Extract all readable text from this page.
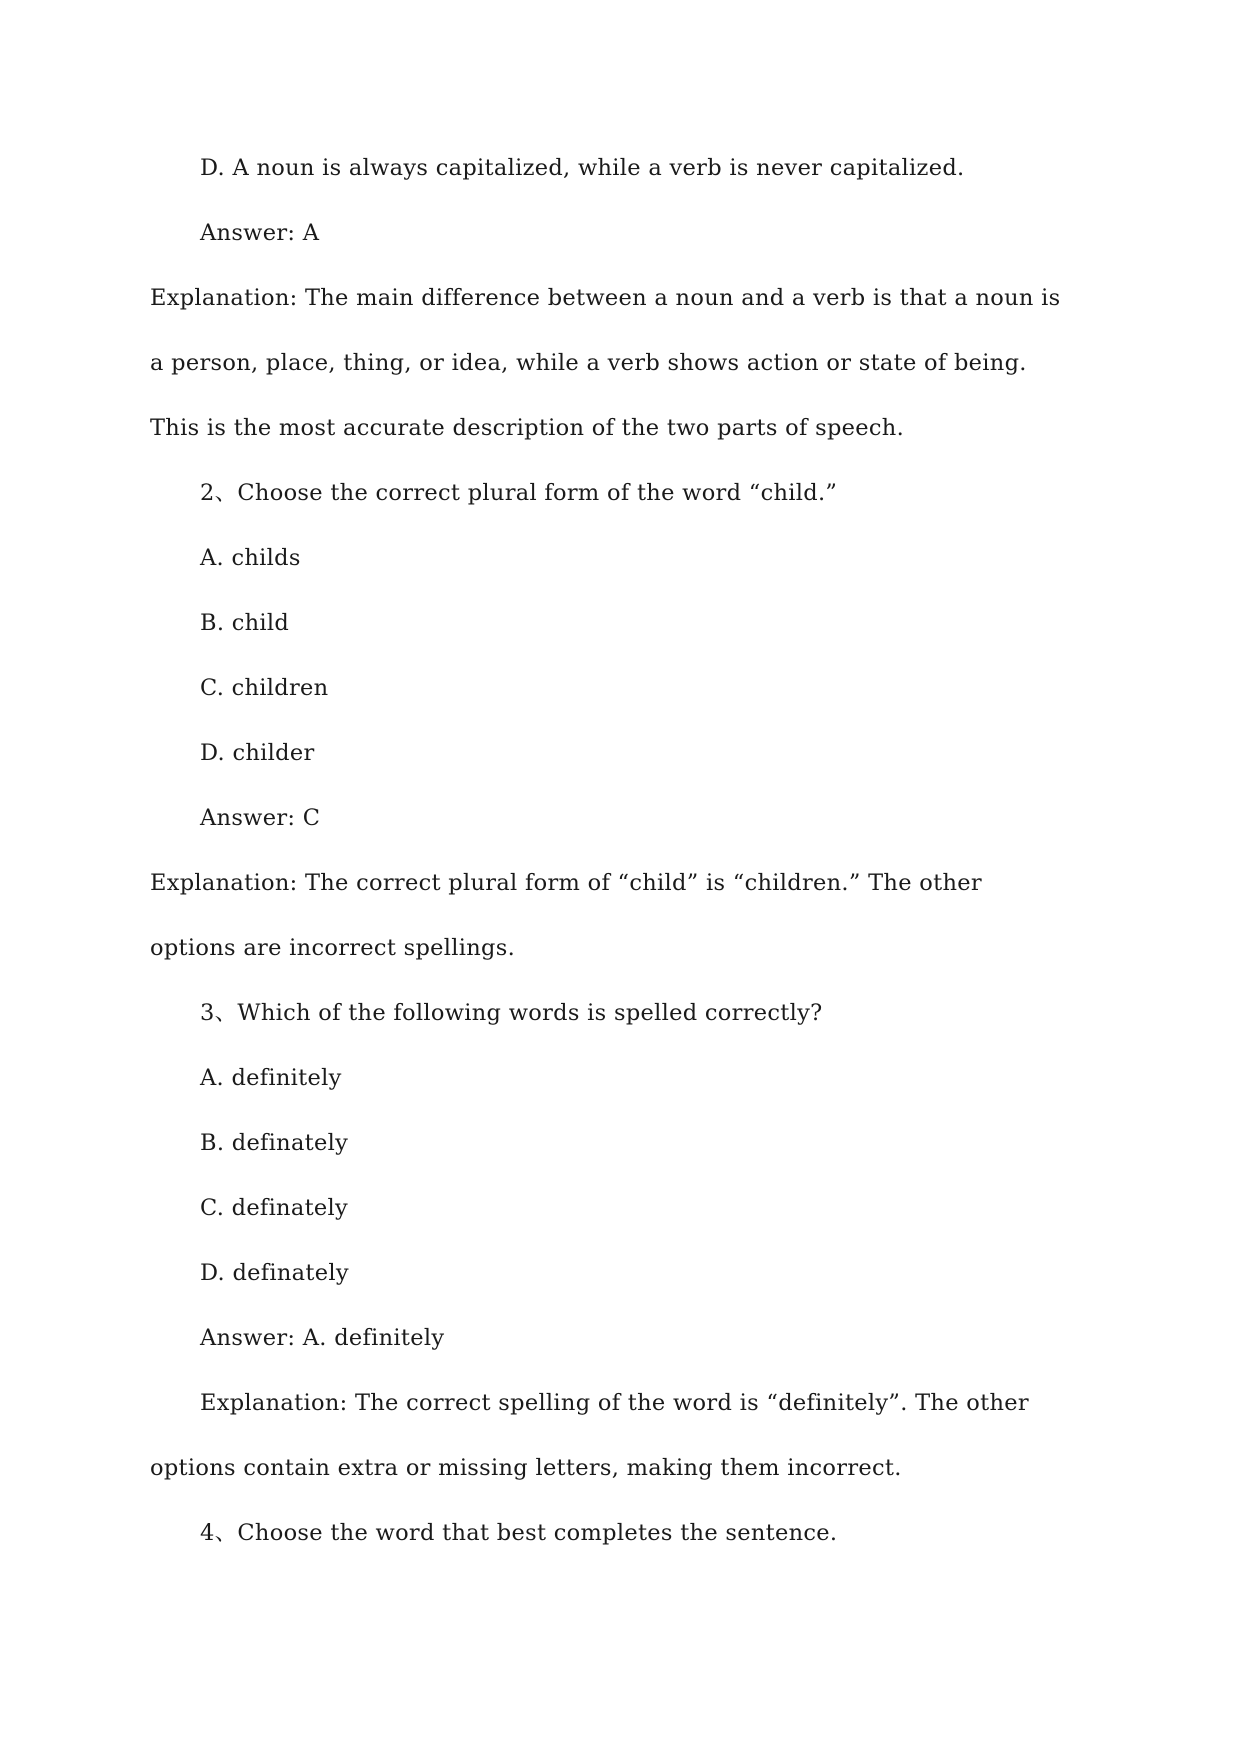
D. A noun is always capitalized, while a verb is never capitalized.
Answer: A
Explanation: The main difference between a noun and a verb is that a noun is
a person, place, thing, or idea, while a verb shows action or state of being.
This is the most accurate description of the two parts of speech.
2、Choose the correct plural form of the word “child.”
A. childs
B. child
C. children
D. childer
Answer: C
Explanation: The correct plural form of “child” is “children.” The other
options are incorrect spellings.
3、Which of the following words is spelled correctly?
A. definitely
B. definately
C. definately
D. definately
Answer: A. definitely
Explanation: The correct spelling of the word is “definitely”. The other
options contain extra or missing letters, making them incorrect.
4、Choose the word that best completes the sentence.
